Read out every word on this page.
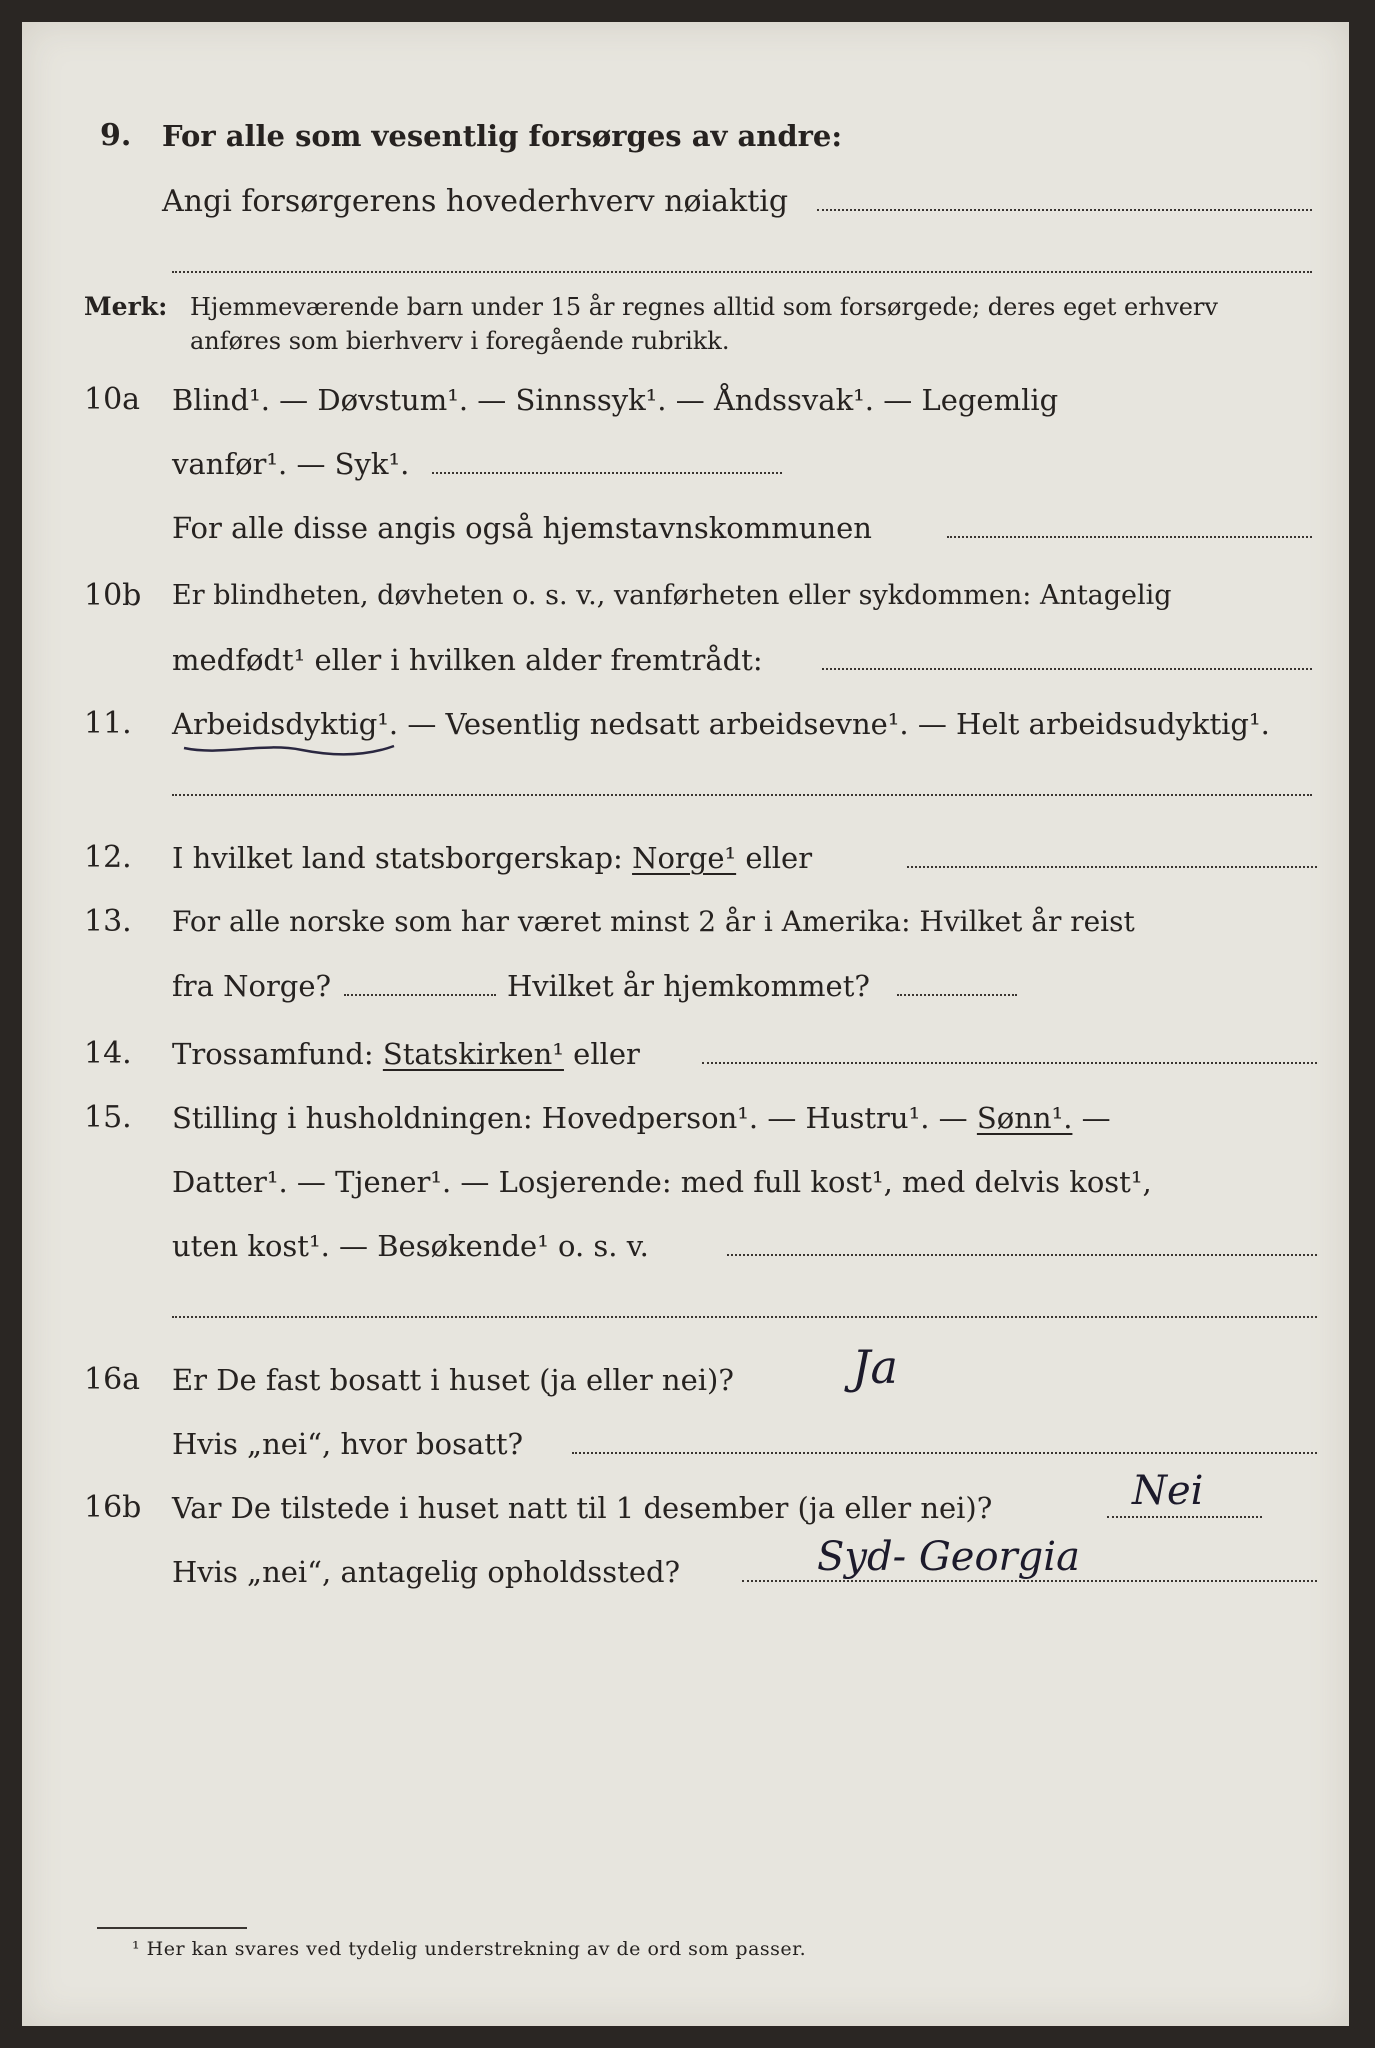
9. For alle som vesentlig forsørges av andre:
Angi forsørgerens hovederhverv nøiaktig
Merk: Hjemmeværende barn under 15 år regnes alltid som forsørgede; deres eget erhverv
anføres som bierhverv i foregående rubrikk.
10a Blind¹. — Døvstum¹. — Sinnssyk¹. — Åndssvak¹. — Legemlig
vanfør¹. — Syk¹.
For alle disse angis også hjemstavnskommunen
10b Er blindheten, døvheten o. s. v., vanførheten eller sykdommen: Antagelig
medfødt¹ eller i hvilken alder fremtrådt:
11. Arbeidsdyktig¹. — Vesentlig nedsatt arbeidsevne¹. — Helt arbeidsudyktig¹.
12. I hvilket land statsborgerskap: Norge¹ eller
13. For alle norske som har været minst 2 år i Amerika: Hvilket år reist
fra Norge?	Hvilket år hjemkommet?
14. Trossamfund: Statskirken¹ eller
15. Stilling i husholdningen: Hovedperson¹. — Hustru¹. — Sønn¹. —
Datter¹. — Tjener¹. — Losjerende: med full kost¹, med delvis kost¹,
uten kost¹. — Besøkende¹ o. s. v.
16a Er De fast bosatt i huset (ja eller nei)?	Ja
Hvis „nei“, hvor bosatt?
16b Var De tilstede i huset natt til 1 desember (ja eller nei)?	Nei
Hvis „nei“, antagelig opholdssted?	Syd- Georgia
¹ Her kan svares ved tydelig understrekning av de ord som passer.
